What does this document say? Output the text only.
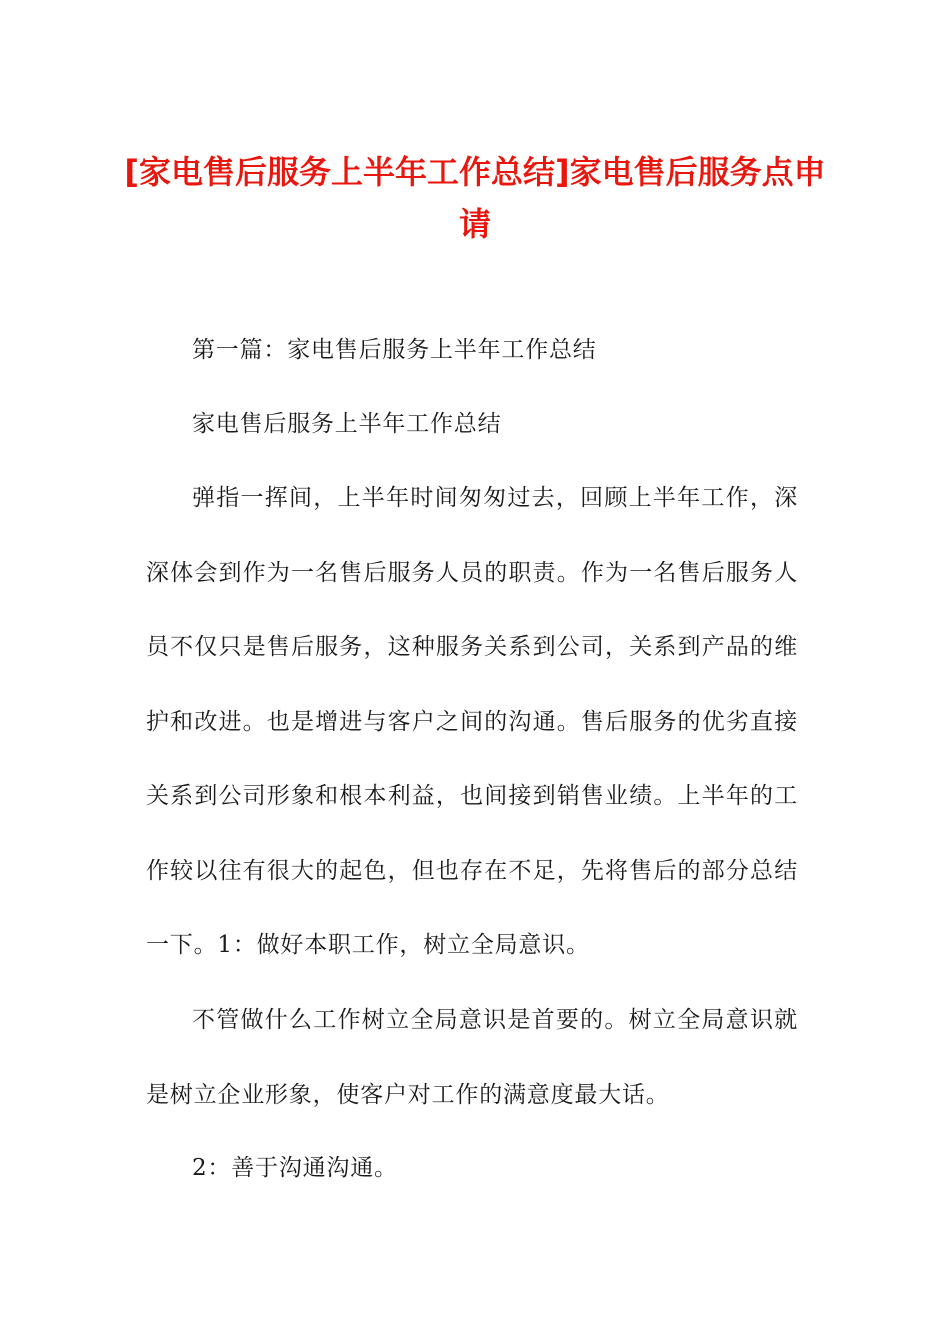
[家电售后服务上半年工作总结]家电售后服务点申请

第一篇：家电售后服务上半年工作总结

家电售后服务上半年工作总结

弹指一挥间，上半年时间匆匆过去，回顾上半年工作，深深体会到作为一名售后服务人员的职责。作为一名售后服务人员不仅只是售后服务，这种服务关系到公司，关系到产品的维护和改进。也是增进与客户之间的沟通。售后服务的优劣直接关系到公司形象和根本利益，也间接到销售业绩。上半年的工作较以往有很大的起色，但也存在不足，先将售后的部分总结一下。1：做好本职工作，树立全局意识。

不管做什么工作树立全局意识是首要的。树立全局意识就是树立企业形象，使客户对工作的满意度最大话。

2：善于沟通沟通。
